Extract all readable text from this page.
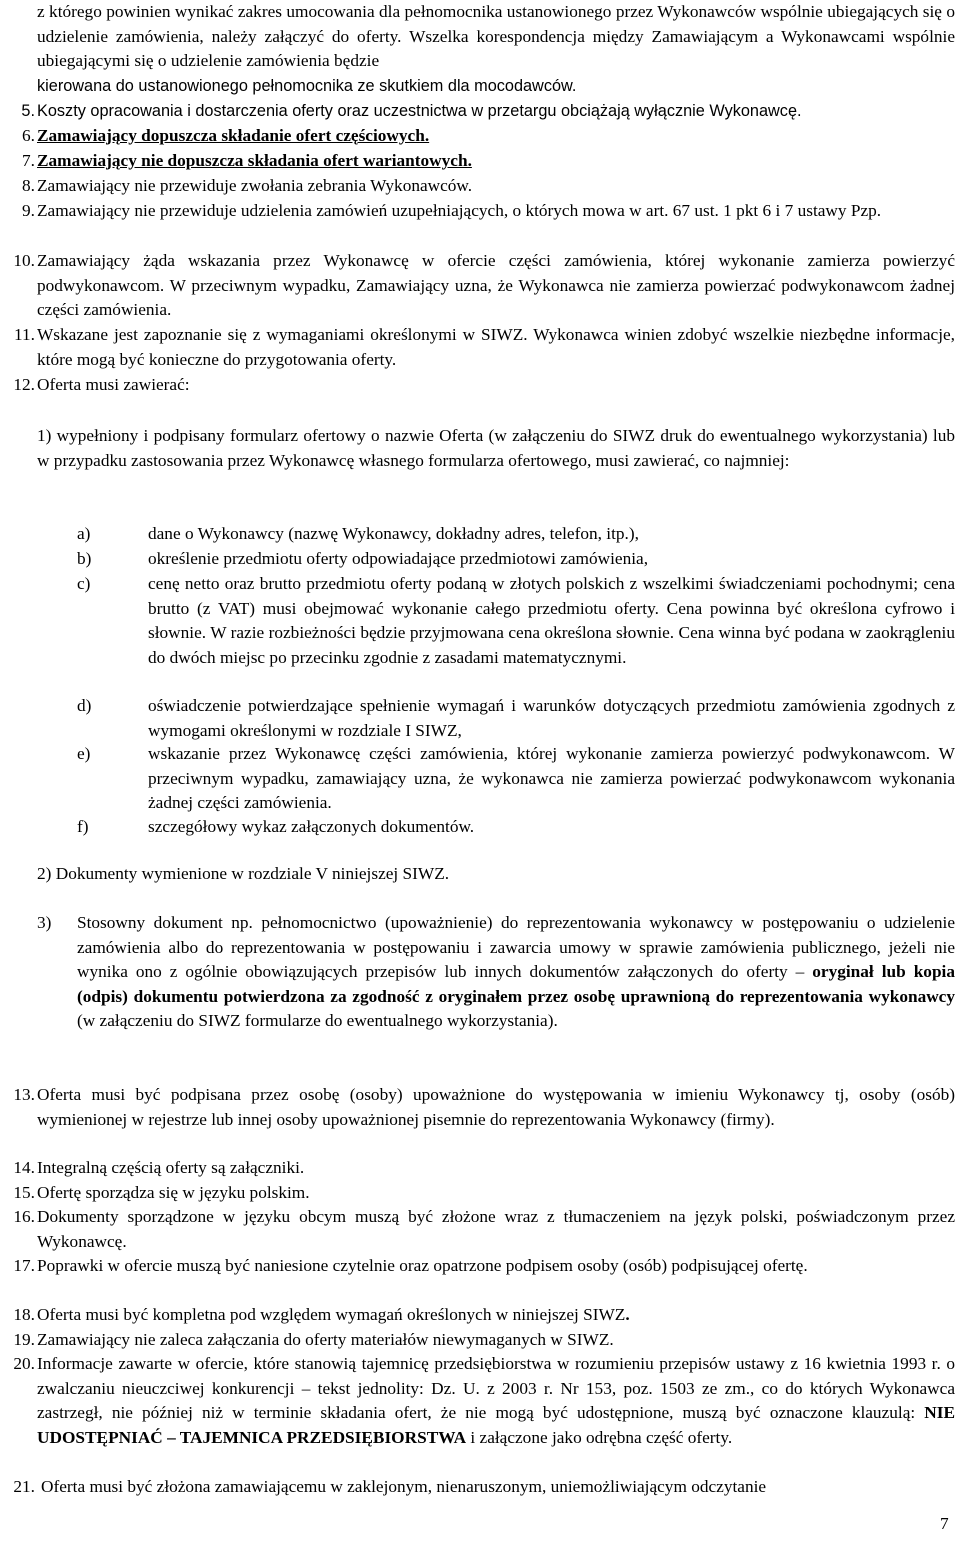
z którego powinien wynikać zakres umocowania dla pełnomocnika ustanowionego przez Wykonawców wspólnie ubiegających się o udzielenie zamówienia, należy załączyć do oferty. Wszelka korespondencja między Zamawiającym a Wykonawcami wspólnie ubiegającymi się o udzielenie zamówienia będzie
kierowana do ustanowionego pełnomocnika ze skutkiem dla mocodawców.
5. Koszty opracowania i dostarczenia oferty oraz uczestnictwa w przetargu obciążają wyłącznie Wykonawcę.
6. Zamawiający dopuszcza składanie ofert częściowych.
7. Zamawiający nie dopuszcza składania ofert wariantowych.
8. Zamawiający nie przewiduje zwołania zebrania Wykonawców.
9. Zamawiający nie przewiduje udzielenia zamówień uzupełniających, o których mowa w art. 67 ust. 1 pkt 6 i 7 ustawy Pzp.
10. Zamawiający żąda wskazania przez Wykonawcę w ofercie części zamówienia, której wykonanie zamierza powierzyć podwykonawcom. W przeciwnym wypadku, Zamawiający uzna, że Wykonawca nie zamierza powierzać podwykonawcom żadnej części zamówienia.
11. Wskazane jest zapoznanie się z wymaganiami określonymi w SIWZ. Wykonawca winien zdobyć wszelkie niezbędne informacje, które mogą być konieczne do przygotowania oferty.
12. Oferta musi zawierać:
1) wypełniony i podpisany formularz ofertowy o nazwie Oferta (w załączeniu do SIWZ druk do ewentualnego wykorzystania) lub w przypadku zastosowania przez Wykonawcę własnego formularza ofertowego, musi zawierać, co najmniej:
a)	dane o Wykonawcy (nazwę Wykonawcy, dokładny adres, telefon, itp.),
b)	określenie przedmiotu oferty odpowiadające przedmiotowi zamówienia,
c)	cenę netto oraz brutto przedmiotu oferty podaną w złotych polskich z wszelkimi świadczeniami pochodnymi; cena brutto (z VAT) musi obejmować wykonanie całego przedmiotu oferty. Cena powinna być określona cyfrowo i słownie. W razie rozbieżności będzie przyjmowana cena określona słownie. Cena winna być podana w zaokrągleniu do dwóch miejsc po przecinku zgodnie z zasadami matematycznymi.
d)	oświadczenie potwierdzające spełnienie wymagań i warunków dotyczących przedmiotu zamówienia zgodnych z wymogami określonymi w rozdziale I SIWZ,
e)	wskazanie przez Wykonawcę części zamówienia, której wykonanie zamierza powierzyć podwykonawcom. W przeciwnym wypadku, zamawiający uzna, że wykonawca nie zamierza powierzać podwykonawcom wykonania żadnej części zamówienia.
f)	szczegółowy wykaz załączonych dokumentów.
2) Dokumenty wymienione w rozdziale V niniejszej SIWZ.
3) Stosowny dokument np. pełnomocnictwo (upoważnienie) do reprezentowania wykonawcy w postępowaniu o udzielenie zamówienia albo do reprezentowania w postępowaniu i zawarcia umowy w sprawie zamówienia publicznego, jeżeli nie wynika ono z ogólnie obowiązujących przepisów lub innych dokumentów załączonych do oferty – oryginał lub kopia (odpis) dokumentu potwierdzona za zgodność z oryginałem przez osobę uprawnioną do reprezentowania wykonawcy (w załączeniu do SIWZ formularze do ewentualnego wykorzystania).
13. Oferta musi być podpisana przez osobę (osoby) upoważnione do występowania w imieniu Wykonawcy tj, osoby (osób) wymienionej w rejestrze lub innej osoby upoważnionej pisemnie do reprezentowania Wykonawcy (firmy).
14. Integralną częścią oferty są załączniki.
15. Ofertę sporządza się w języku polskim.
16. Dokumenty sporządzone w języku obcym muszą być złożone wraz z tłumaczeniem na język polski, poświadczonym przez Wykonawcę.
17. Poprawki w ofercie muszą być naniesione czytelnie oraz opatrzone podpisem osoby (osób) podpisującej ofertę.
18. Oferta musi być kompletna pod względem wymagań określonych w niniejszej SIWZ.
19. Zamawiający nie zaleca załączania do oferty materiałów niewymaganych w SIWZ.
20. Informacje zawarte w ofercie, które stanowią tajemnicę przedsiębiorstwa w rozumieniu przepisów ustawy z 16 kwietnia 1993 r. o zwalczaniu nieuczciwej konkurencji – tekst jednolity: Dz. U. z 2003 r. Nr 153, poz. 1503 ze zm., co do których Wykonawca zastrzegł, nie później niż w terminie składania ofert, że nie mogą być udostępnione, muszą być oznaczone klauzulą: NIE UDOSTĘPNIAĆ – TAJEMNICA PRZEDSIĘBIORSTWA i załączone jako odrębna część oferty.
21. Oferta musi być złożona zamawiającemu w zaklejonym, nienaruszonym, uniemożliwiającym odczytanie
7
